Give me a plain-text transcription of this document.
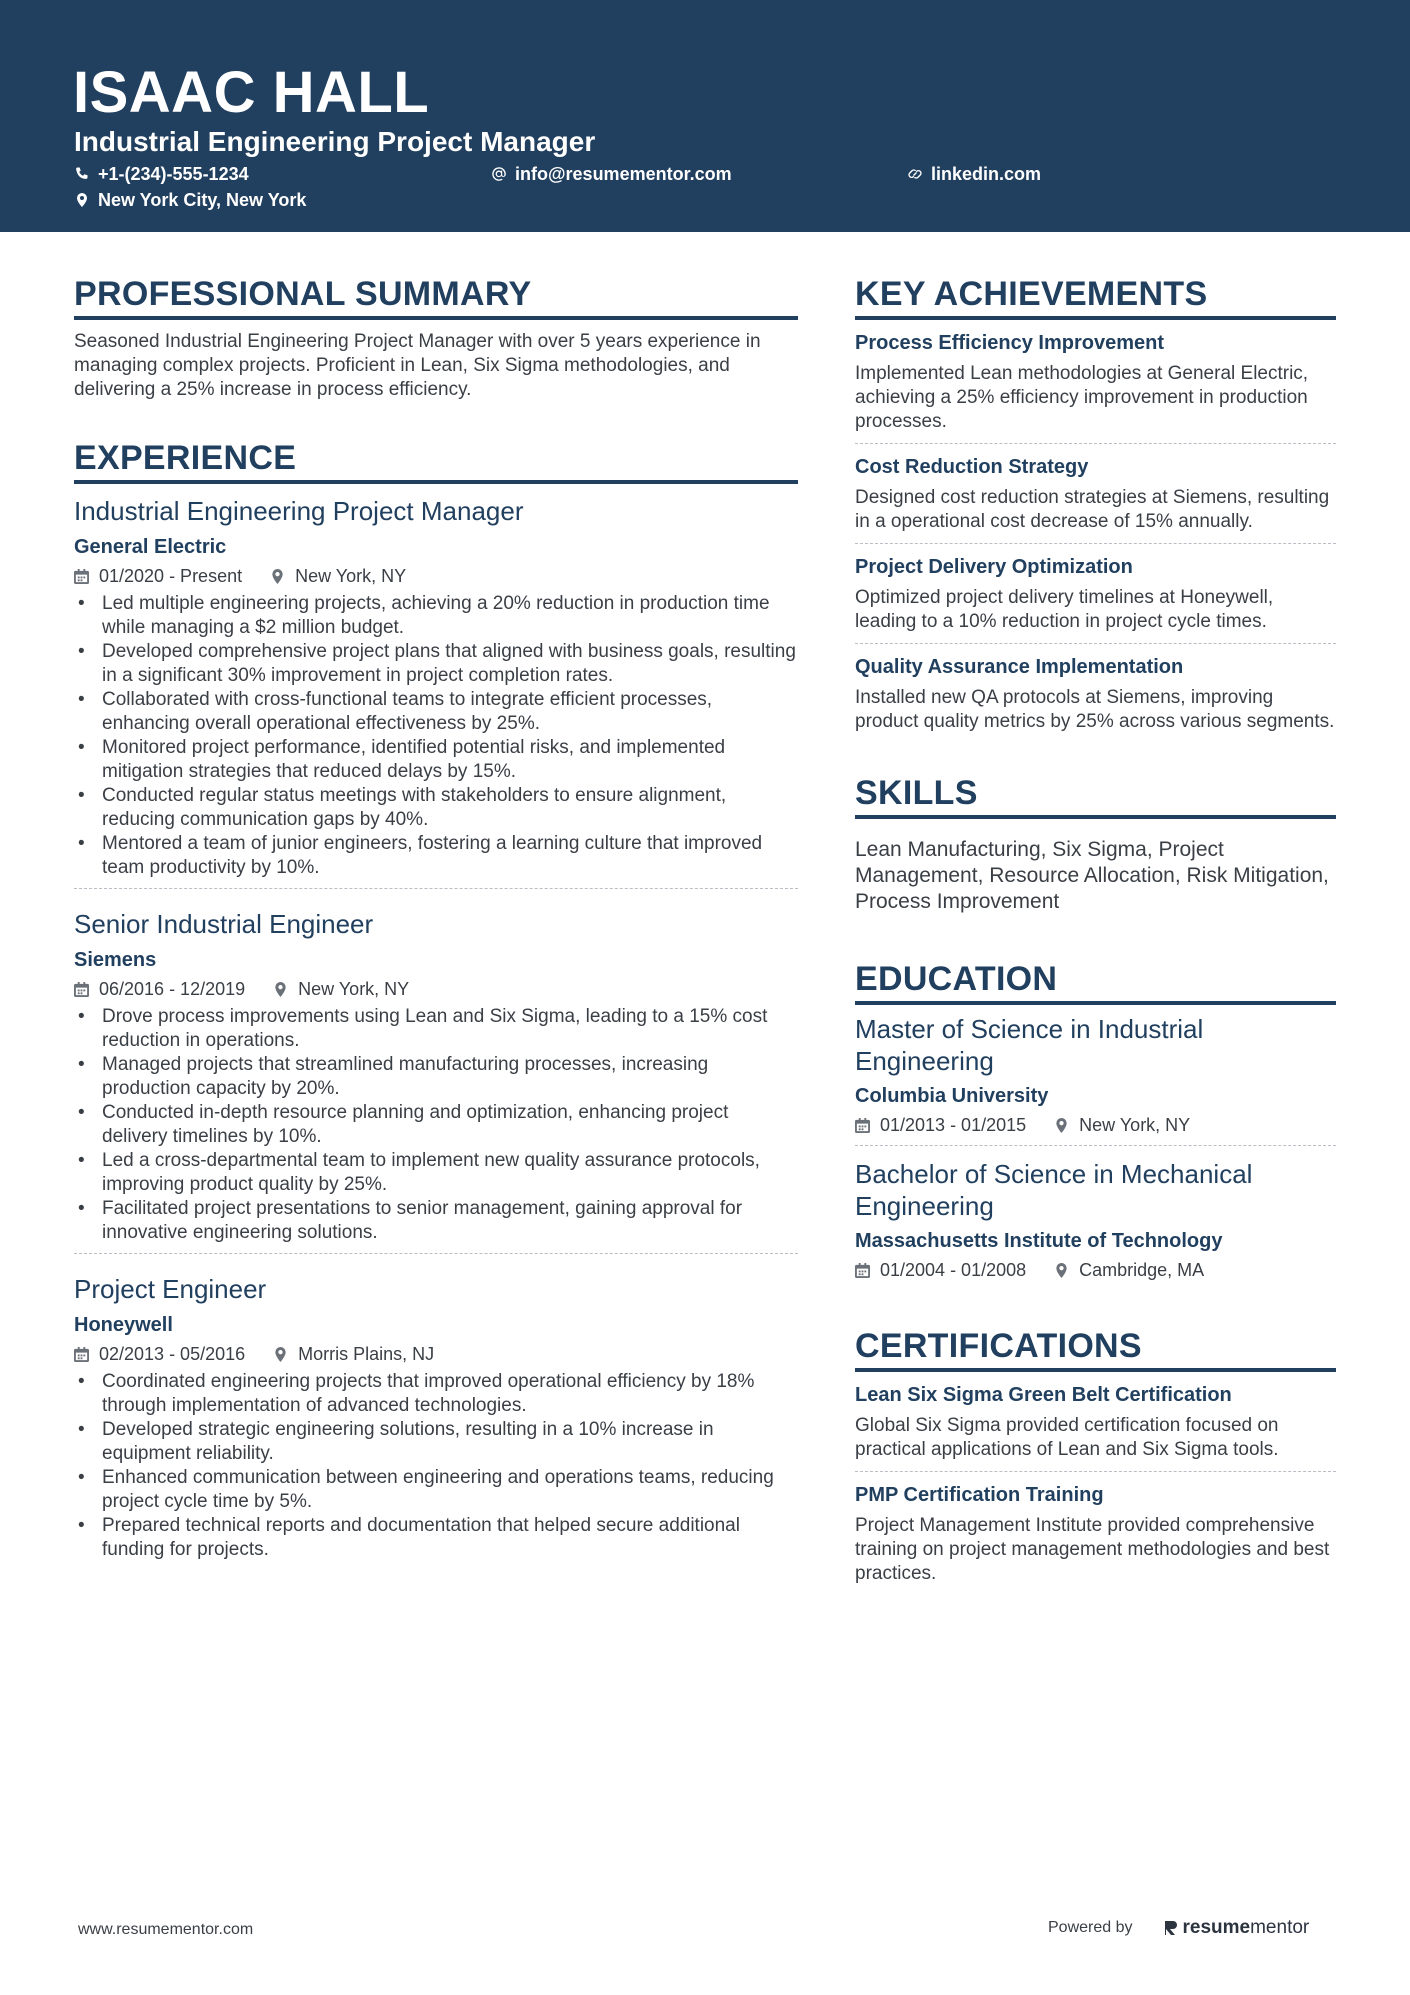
ISAAC HALL
Industrial Engineering Project Manager
+1-(234)-555-1234	info@resumementor.com	linkedin.com
New York City, New York
PROFESSIONAL SUMMARY

Seasoned Industrial Engineering Project Manager with over 5 years experience in managing complex projects. Proficient in Lean, Six Sigma methodologies, and delivering a 25% increase in process efficiency.

EXPERIENCE
Industrial Engineering Project Manager
General Electric
01/2020 - Present	New York, NY
• Led multiple engineering projects, achieving a 20% reduction in production time while managing a $2 million budget.
• Developed comprehensive project plans that aligned with business goals, resulting in a significant 30% improvement in project completion rates.
• Collaborated with cross-functional teams to integrate efficient processes, enhancing overall operational effectiveness by 25%.
• Monitored project performance, identified potential risks, and implemented mitigation strategies that reduced delays by 15%.
• Conducted regular status meetings with stakeholders to ensure alignment, reducing communication gaps by 40%.
• Mentored a team of junior engineers, fostering a learning culture that improved team productivity by 10%.
Senior Industrial Engineer
Siemens
06/2016 - 12/2019	New York, NY
• Drove process improvements using Lean and Six Sigma, leading to a 15% cost reduction in operations.
• Managed projects that streamlined manufacturing processes, increasing production capacity by 20%.
• Conducted in-depth resource planning and optimization, enhancing project delivery timelines by 10%.
• Led a cross-departmental team to implement new quality assurance protocols, improving product quality by 25%.
• Facilitated project presentations to senior management, gaining approval for innovative engineering solutions.
Project Engineer
Honeywell
02/2013 - 05/2016	Morris Plains, NJ
• Coordinated engineering projects that improved operational efficiency by 18% through implementation of advanced technologies.
• Developed strategic engineering solutions, resulting in a 10% increase in equipment reliability.
• Enhanced communication between engineering and operations teams, reducing project cycle time by 5%.
• Prepared technical reports and documentation that helped secure additional funding for projects.
KEY ACHIEVEMENTS
Process Efficiency Improvement
Implemented Lean methodologies at General Electric, achieving a 25% efficiency improvement in production processes.
Cost Reduction Strategy
Designed cost reduction strategies at Siemens, resulting in a operational cost decrease of 15% annually.
Project Delivery Optimization
Optimized project delivery timelines at Honeywell, leading to a 10% reduction in project cycle times.
Quality Assurance Implementation
Installed new QA protocols at Siemens, improving product quality metrics by 25% across various segments.
SKILLS
Lean Manufacturing, Six Sigma, Project Management, Resource Allocation, Risk Mitigation, Process Improvement
EDUCATION
Master of Science in Industrial Engineering
Columbia University
01/2013 - 01/2015	New York, NY
Bachelor of Science in Mechanical Engineering
Massachusetts Institute of Technology
01/2004 - 01/2008	Cambridge, MA
CERTIFICATIONS
Lean Six Sigma Green Belt Certification
Global Six Sigma provided certification focused on practical applications of Lean and Six Sigma tools.
PMP Certification Training
Project Management Institute provided comprehensive training on project management methodologies and best practices.
www.resumementor.com	Powered by	resume mentor
